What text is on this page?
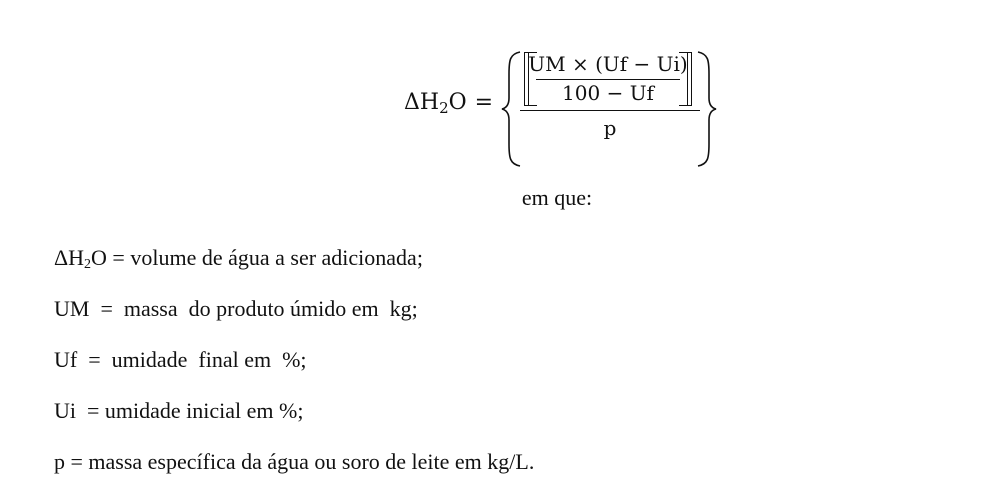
$\Delta H_2O$ =
UM × (Uf − Ui)
100 − Uf
p
em que:
ΔH2O = volume de água a ser adicionada;
UM  =  massa  do produto úmido em  kg;
Uf  =  umidade  final em  %;
Ui  = umidade inicial em %;
p = massa específica da água ou soro de leite em kg/L.
